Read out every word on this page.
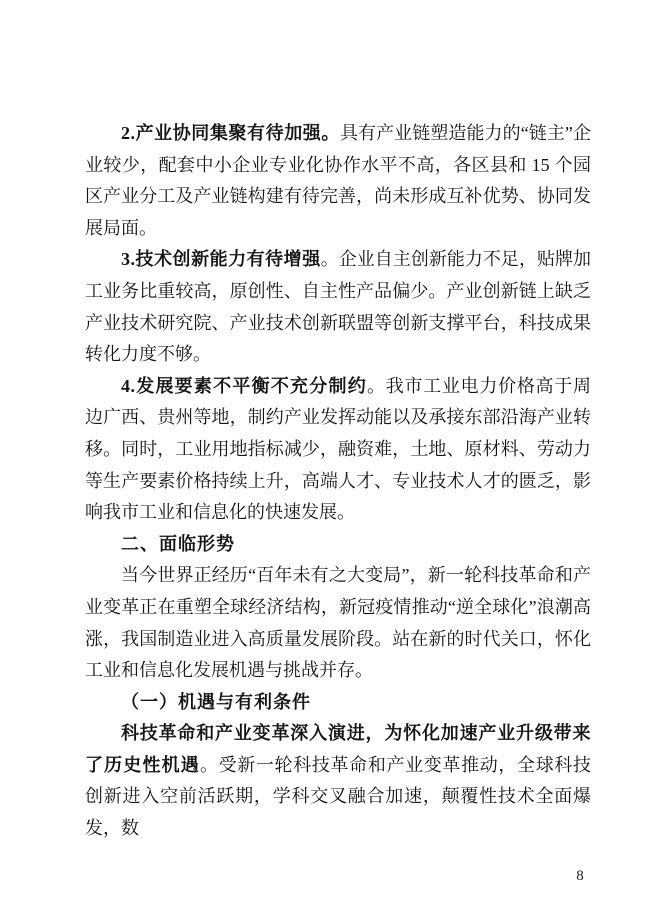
2.产业协同集聚有待加强。具有产业链塑造能力的“链主”企业较少，配套中小企业专业化协作水平不高，各区县和 15 个园区产业分工及产业链构建有待完善，尚未形成互补优势、协同发展局面。

3.技术创新能力有待增强。企业自主创新能力不足，贴牌加工业务比重较高，原创性、自主性产品偏少。产业创新链上缺乏产业技术研究院、产业技术创新联盟等创新支撑平台，科技成果转化力度不够。

4.发展要素不平衡不充分制约。我市工业电力价格高于周边广西、贵州等地，制约产业发挥动能以及承接东部沿海产业转移。同时，工业用地指标减少，融资难，土地、原材料、劳动力等生产要素价格持续上升，高端人才、专业技术人才的匮乏，影响我市工业和信息化的快速发展。

二、面临形势

当今世界正经历“百年未有之大变局”，新一轮科技革命和产业变革正在重塑全球经济结构，新冠疫情推动“逆全球化”浪潮高涨，我国制造业进入高质量发展阶段。站在新的时代关口，怀化工业和信息化发展机遇与挑战并存。

（一）机遇与有利条件

科技革命和产业变革深入演进，为怀化加速产业升级带来了历史性机遇。受新一轮科技革命和产业变革推动，全球科技创新进入空前活跃期，学科交叉融合加速，颠覆性技术全面爆发，数

8
